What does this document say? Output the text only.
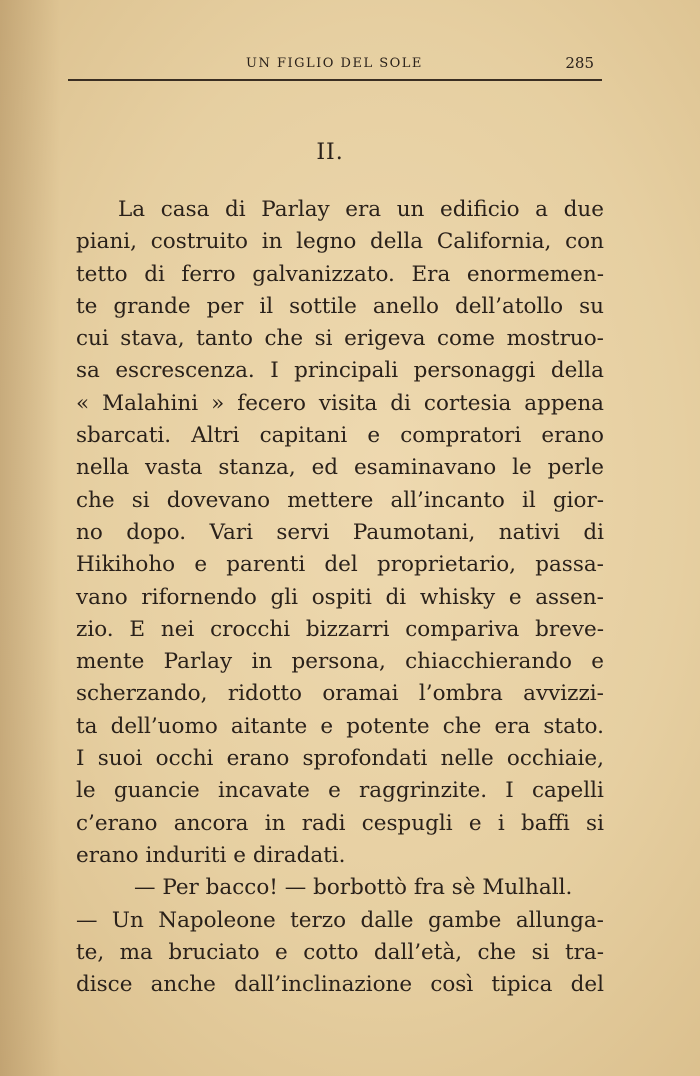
UN FIGLIO DEL SOLE	285
II.
La casa di Parlay era un edificio a due
piani, costruito in legno della California, con
tetto di ferro galvanizzato. Era enormemen-
te grande per il sottile anello dell’atollo su
cui stava, tanto che si erigeva come mostruo-
sa escrescenza. I principali personaggi della
« Malahini » fecero visita di cortesia appena
sbarcati. Altri capitani e compratori erano
nella vasta stanza, ed esaminavano le perle
che si dovevano mettere all’incanto il gior-
no dopo. Vari servi Paumotani, nativi di
Hikihoho e parenti del proprietario, passa-
vano rifornendo gli ospiti di whisky e assen-
zio. E nei crocchi bizzarri compariva breve-
mente Parlay in persona, chiacchierando e
scherzando, ridotto oramai l’ombra avvizzi-
ta dell’uomo aitante e potente che era stato.
I suoi occhi erano sprofondati nelle occhiaie,
le guancie incavate e raggrinzite. I capelli
c’erano ancora in radi cespugli e i baffi si
erano induriti e diradati.
— Per bacco! — borbottò fra sè Mulhall.
— Un Napoleone terzo dalle gambe allunga-
te, ma bruciato e cotto dall’età, che si tra-
disce anche dall’inclinazione così tipica del
